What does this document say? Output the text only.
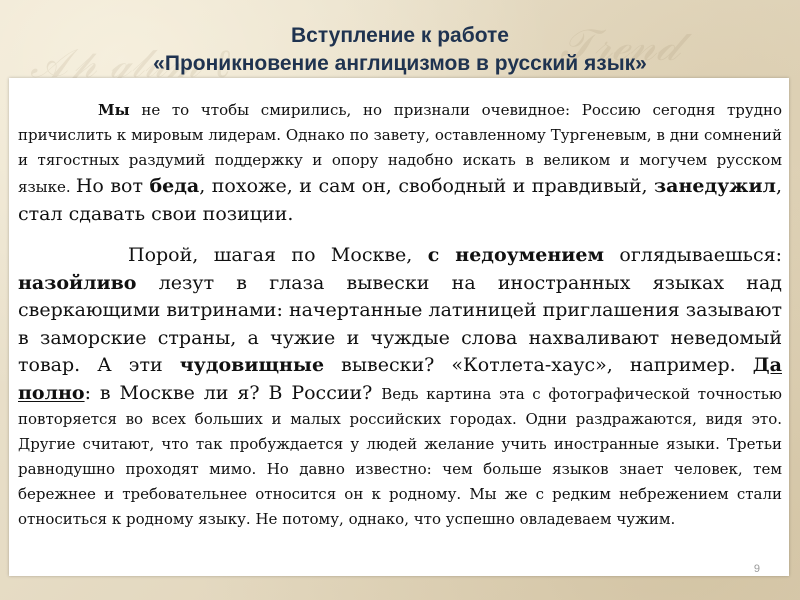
𝒜𝓅 ℊ𝓁𝓊𝓂 ℓ	𝒯𝓇ℯ𝓃𝒹
Вступление к работе
«Проникновение англицизмов в русский язык»

Мы не то чтобы смирились, но признали очевидное: Россию сегодня трудно причислить к мировым лидерам. Однако по завету, оставленному Тургеневым, в дни сомнений и тягостных раздумий поддержку и опору надобно искать в великом и могучем русском языке. Но вот беда, похоже, и сам он, свободный и правдивый, занедужил, стал сдавать свои позиции.

Порой, шагая по Москве, с недоумением оглядываешься: назойливо лезут в глаза вывески на иностранных языках над сверкающими витринами: начертанные латиницей приглашения зазывают в заморские страны, а чужие и чуждые слова нахваливают неведомый товар. А эти чудовищные вывески? «Котлета-хаус», например. Да полно: в Москве ли я? В России? Ведь картина эта с фотографической точностью повторяется во всех больших и малых российских городах. Одни раздражаются, видя это. Другие считают, что так пробуждается у людей желание учить иностранные языки. Третьи равнодушно проходят мимо. Но давно известно: чем больше языков знает человек, тем бережнее и требовательнее относится он к родному. Мы же с редким небрежением стали относиться к родному языку. Не потому, однако, что успешно овладеваем чужим.

9
